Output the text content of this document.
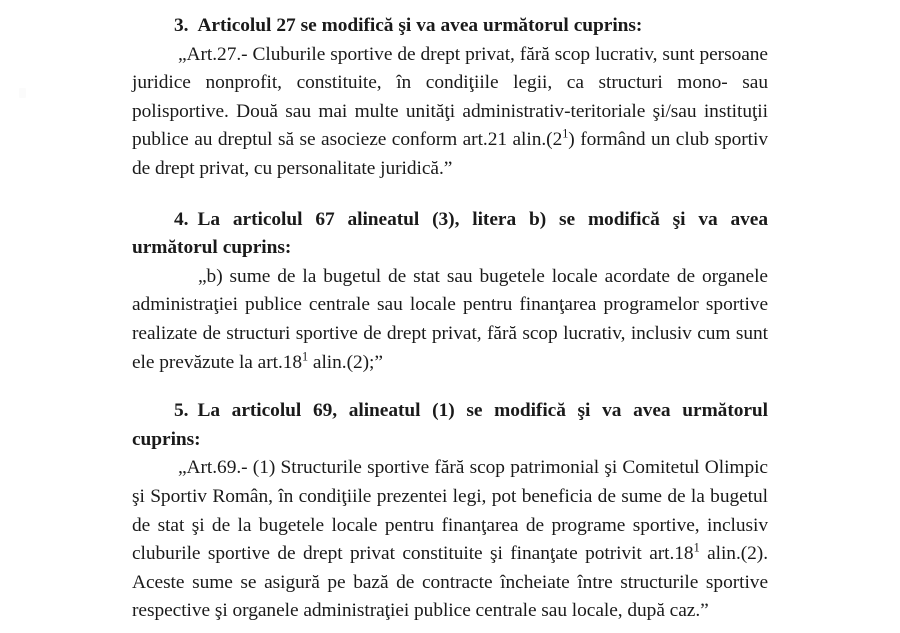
3. Articolul 27 se modifică şi va avea următorul cuprins:

„Art.27.- Cluburile sportive de drept privat, fără scop lucrativ, sunt persoane juridice nonprofit, constituite, în condiţiile legii, ca structuri mono- sau polisportive. Două sau mai multe unităţi administrativ-teritoriale şi/sau instituţii publice au dreptul să se asocieze conform art.21 $alin.(2^1)$ formând un club sportiv de drept privat, cu personalitate juridică.”

4. La articolul 67 alineatul (3), litera b) se modifică şi va avea următorul cuprins:

„b) sume de la bugetul de stat sau bugetele locale acordate de organele administraţiei publice centrale sau locale pentru finanţarea programelor sportive realizate de structuri sportive de drept privat, fără scop lucrativ, inclusiv cum sunt ele prevăzute la $art.18^1$ alin.(2);”

5. La articolul 69, alineatul (1) se modifică şi va avea următorul cuprins:

„Art.69.- (1) Structurile sportive fără scop patrimonial şi Comitetul Olimpic şi Sportiv Român, în condiţiile prezentei legi, pot beneficia de sume de la bugetul de stat şi de la bugetele locale pentru finanţarea de programe sportive, inclusiv cluburile sportive de drept privat constituite şi finanţate potrivit $art.18^1$ alin.(2). Aceste sume se asigură pe bază de contracte încheiate între structurile sportive respective şi organele administraţiei publice centrale sau locale, după caz.”
